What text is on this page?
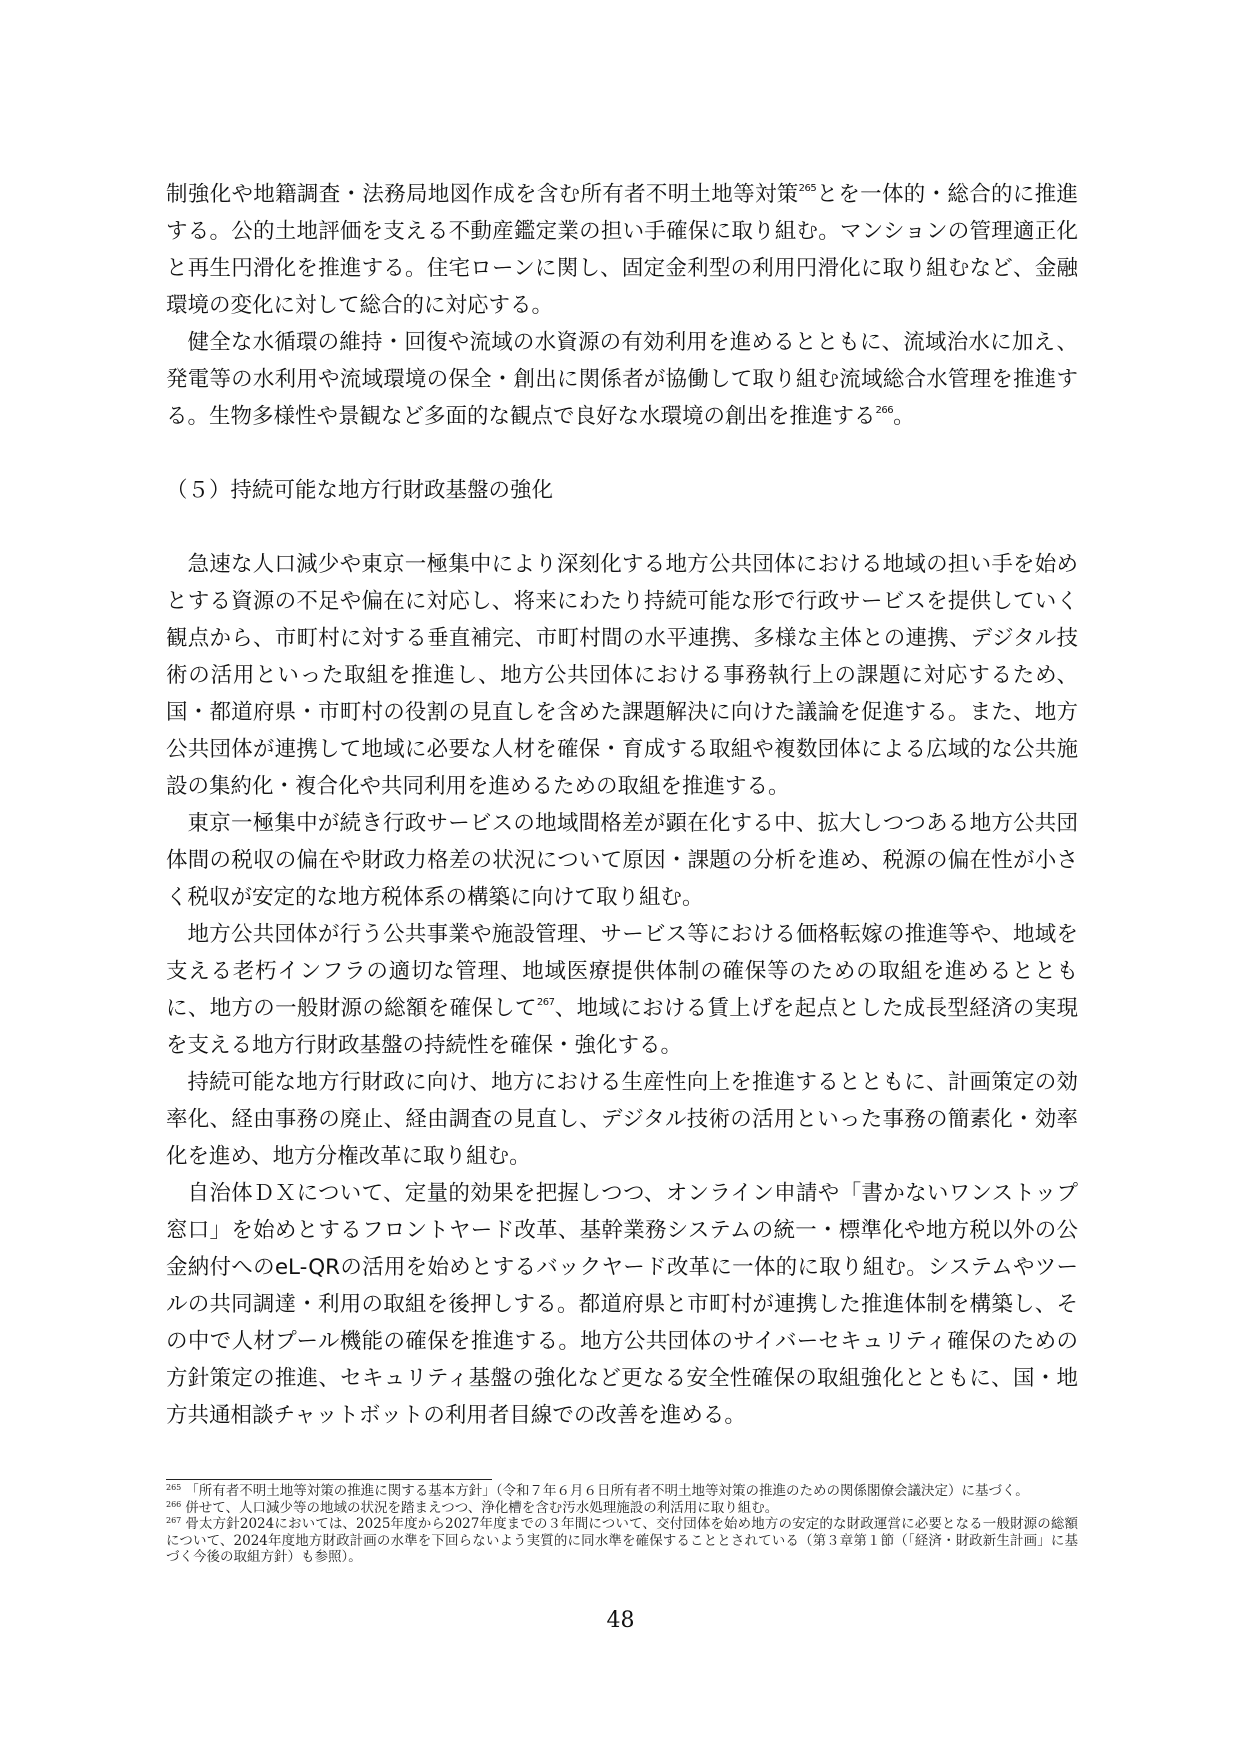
制強化や地籍調査・法務局地図作成を含む所有者不明土地等対策$^{265}$とを一体的・総合的に推進する。公的土地評価を支える不動産鑑定業の担い手確保に取り組む。マンションの管理適正化と再生円滑化を推進する。住宅ローンに関し、固定金利型の利用円滑化に取り組むなど、金融環境の変化に対して総合的に対応する。

健全な水循環の維持・回復や流域の水資源の有効利用を進めるとともに、流域治水に加え、発電等の水利用や流域環境の保全・創出に関係者が協働して取り組む流域総合水管理を推進する。生物多様性や景観など多面的な観点で良好な水環境の創出を推進する$^{266}$。

（５）持続可能な地方行財政基盤の強化

急速な人口減少や東京一極集中により深刻化する地方公共団体における地域の担い手を始めとする資源の不足や偏在に対応し、将来にわたり持続可能な形で行政サービスを提供していく観点から、市町村に対する垂直補完、市町村間の水平連携、多様な主体との連携、デジタル技術の活用といった取組を推進し、地方公共団体における事務執行上の課題に対応するため、国・都道府県・市町村の役割の見直しを含めた課題解決に向けた議論を促進する。また、地方公共団体が連携して地域に必要な人材を確保・育成する取組や複数団体による広域的な公共施設の集約化・複合化や共同利用を進めるための取組を推進する。

東京一極集中が続き行政サービスの地域間格差が顕在化する中、拡大しつつある地方公共団体間の税収の偏在や財政力格差の状況について原因・課題の分析を進め、税源の偏在性が小さく税収が安定的な地方税体系の構築に向けて取り組む。

地方公共団体が行う公共事業や施設管理、サービス等における価格転嫁の推進等や、地域を支える老朽インフラの適切な管理、地域医療提供体制の確保等のための取組を進めるとともに、地方の一般財源の総額を確保して$^{267}$、地域における賃上げを起点とした成長型経済の実現を支える地方行財政基盤の持続性を確保・強化する。

持続可能な地方行財政に向け、地方における生産性向上を推進するとともに、計画策定の効率化、経由事務の廃止、経由調査の見直し、デジタル技術の活用といった事務の簡素化・効率化を進め、地方分権改革に取り組む。

自治体ＤＸについて、定量的効果を把握しつつ、オンライン申請や「書かないワンストップ窓口」を始めとするフロントヤード改革、基幹業務システムの統一・標準化や地方税以外の公金納付へのeL-QRの活用を始めとするバックヤード改革に一体的に取り組む。システムやツールの共同調達・利用の取組を後押しする。都道府県と市町村が連携した推進体制を構築し、その中で人材プール機能の確保を推進する。地方公共団体のサイバーセキュリティ確保のための方針策定の推進、セキュリティ基盤の強化など更なる安全性確保の取組強化とともに、国・地方共通相談チャットボットの利用者目線での改善を進める。

$^{265}$ 「所有者不明土地等対策の推進に関する基本方針」（令和７年６月６日所有者不明土地等対策の推進のための関係閣僚会議決定）に基づく。

$^{266}$ 併せて、人口減少等の地域の状況を踏まえつつ、浄化槽を含む汚水処理施設の利活用に取り組む。

$^{267}$ 骨太方針2024においては、2025年度から2027年度までの３年間について、交付団体を始め地方の安定的な財政運営に必要となる一般財源の総額について、2024年度地方財政計画の水準を下回らないよう実質的に同水準を確保することとされている（第３章第１節（「経済・財政新生計画」に基づく今後の取組方針）も参照）。

48
